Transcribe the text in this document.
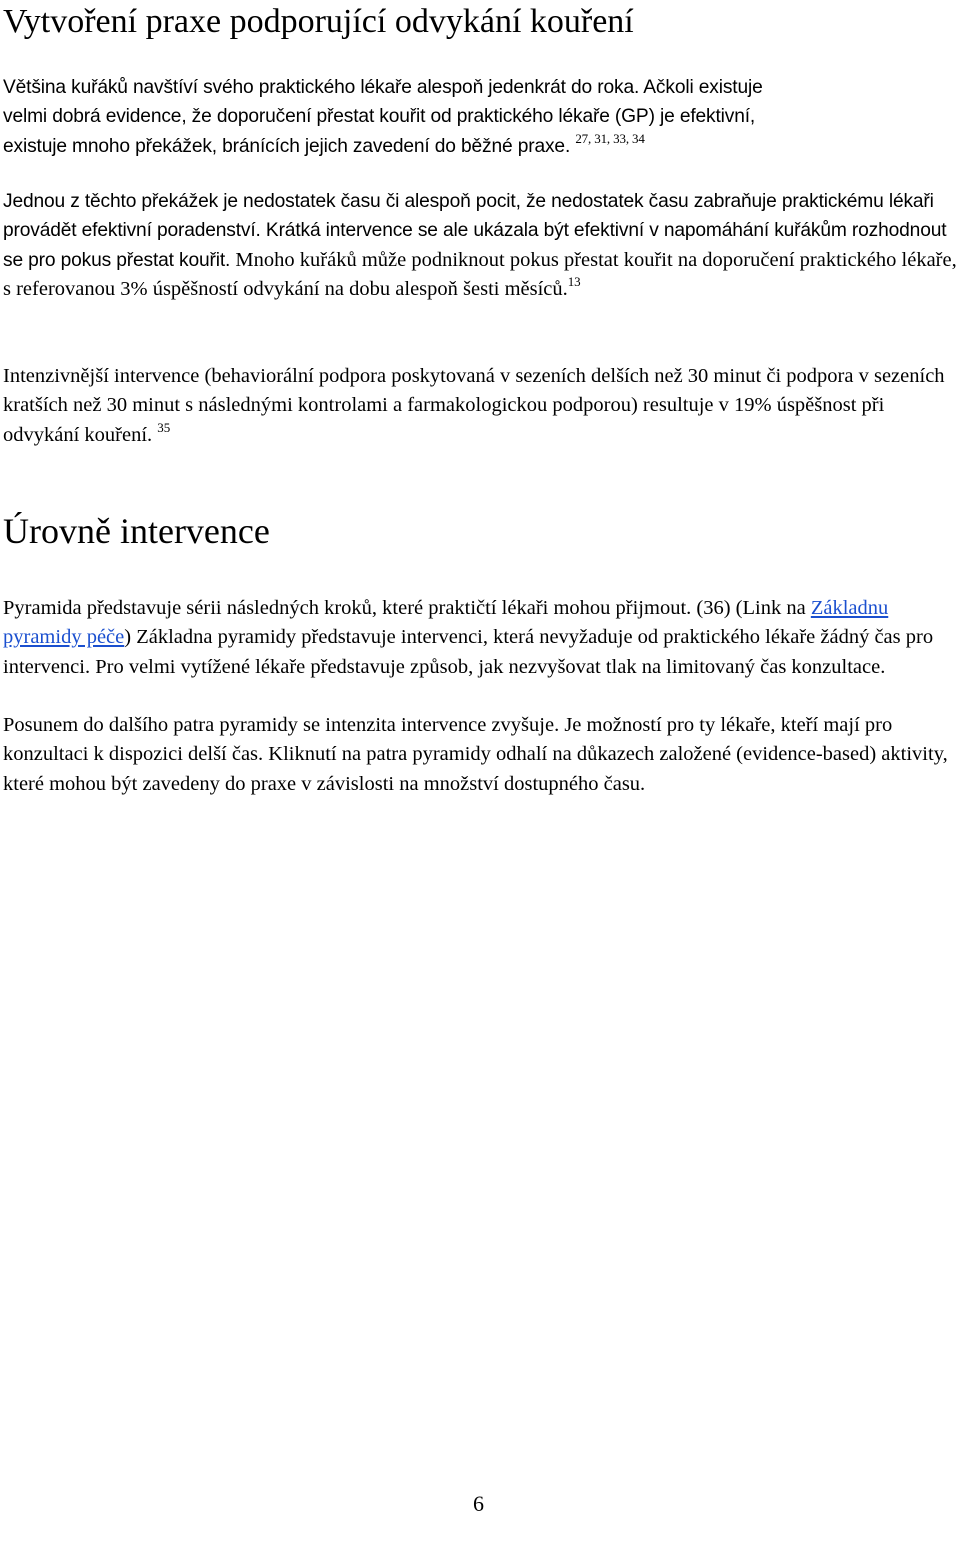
Vytvoření praxe podporující odvykání kouření

Většina kuřáků navštíví svého praktického lékaře alespoň jedenkrát do roka. Ačkoli existuje
velmi dobrá evidence, že doporučení přestat kouřit od praktického lékaře (GP) je efektivní,
existuje mnoho překážek, bránících jejich zavedení do běžné praxe. $^{27, 31, 33, 34}$

Jednou z těchto překážek je nedostatek času či alespoň pocit, že nedostatek času zabraňuje praktickému lékaři provádět efektivní poradenství. Krátká intervence se ale ukázala být efektivní v napomáhání kuřákům rozhodnout se pro pokus přestat kouřit. Mnoho kuřáků může podniknout pokus přestat kouřit na doporučení praktického lékaře, s referovanou 3% úspěšností odvykání na dobu alespoň šesti měsíců.$^{13}$

Intenzivnější intervence (behaviorální podpora poskytovaná v sezeních delších než 30 minut či podpora v sezeních kratších než 30 minut s následnými kontrolami a farmakologickou podporou) resultuje v 19% úspěšnost při odvykání kouření. $^{35}$

Úrovně intervence

Pyramida představuje sérii následných kroků, které praktičtí lékaři mohou přijmout. (36) (Link na Základnu pyramidy péče) Základna pyramidy představuje intervenci, která nevyžaduje od praktického lékaře žádný čas pro intervenci. Pro velmi vytížené lékaře představuje způsob, jak nezvyšovat tlak na limitovaný čas konzultace.

Posunem do dalšího patra pyramidy se intenzita intervence zvyšuje. Je možností pro ty lékaře, kteří mají pro konzultaci k dispozici delší čas. Kliknutí na patra pyramidy odhalí na důkazech založené (evidence-based) aktivity, které mohou být zavedeny do praxe v závislosti na množství dostupného času.

6
